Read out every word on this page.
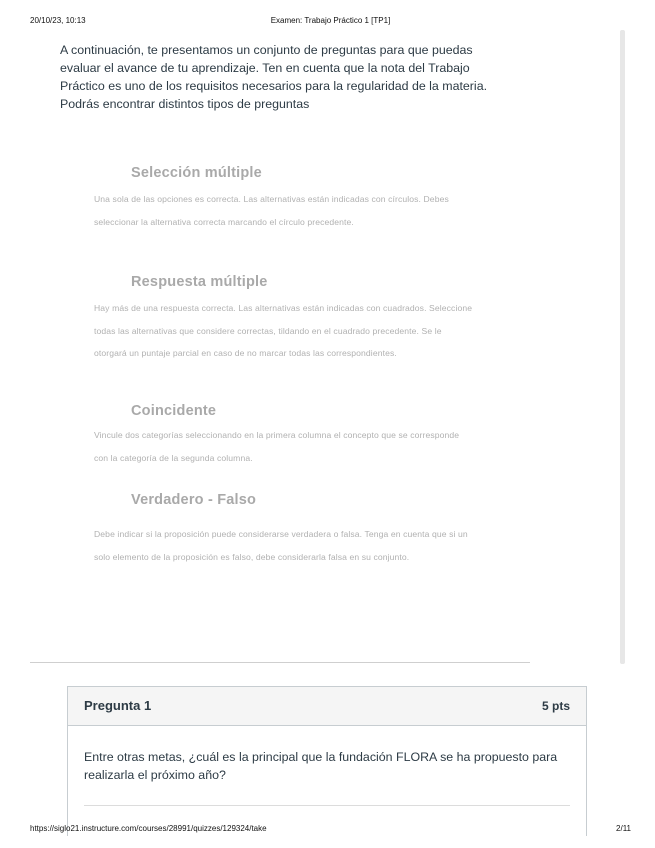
20/10/23, 10:13	Examen: Trabajo Práctico 1 [TP1]

A continuación, te presentamos un conjunto de preguntas para que puedas evaluar el avance de tu aprendizaje. Ten en cuenta que la nota del Trabajo Práctico es uno de los requisitos necesarios para la regularidad de la materia. Podrás encontrar distintos tipos de preguntas

Selección múltiple

Una sola de las opciones es correcta. Las alternativas están indicadas con círculos. Debes seleccionar la alternativa correcta marcando el círculo precedente.

Respuesta múltiple

Hay más de una respuesta correcta. Las alternativas están indicadas con cuadrados. Seleccione todas las alternativas que considere correctas, tildando en el cuadrado precedente. Se le otorgará un puntaje parcial en caso de no marcar todas las correspondientes.

Coincidente

Vincule dos categorías seleccionando en la primera columna el concepto que se corresponde con la categoría de la segunda columna.

Verdadero - Falso

Debe indicar si la proposición puede considerarse verdadera o falsa. Tenga en cuenta que si un solo elemento de la proposición es falso, debe considerarla falsa en su conjunto.

Pregunta 1	5 pts

Entre otras metas, ¿cuál es la principal que la fundación FLORA se ha propuesto para realizarla el próximo año?

https://siglo21.instructure.com/courses/28991/quizzes/129324/take	2/11
